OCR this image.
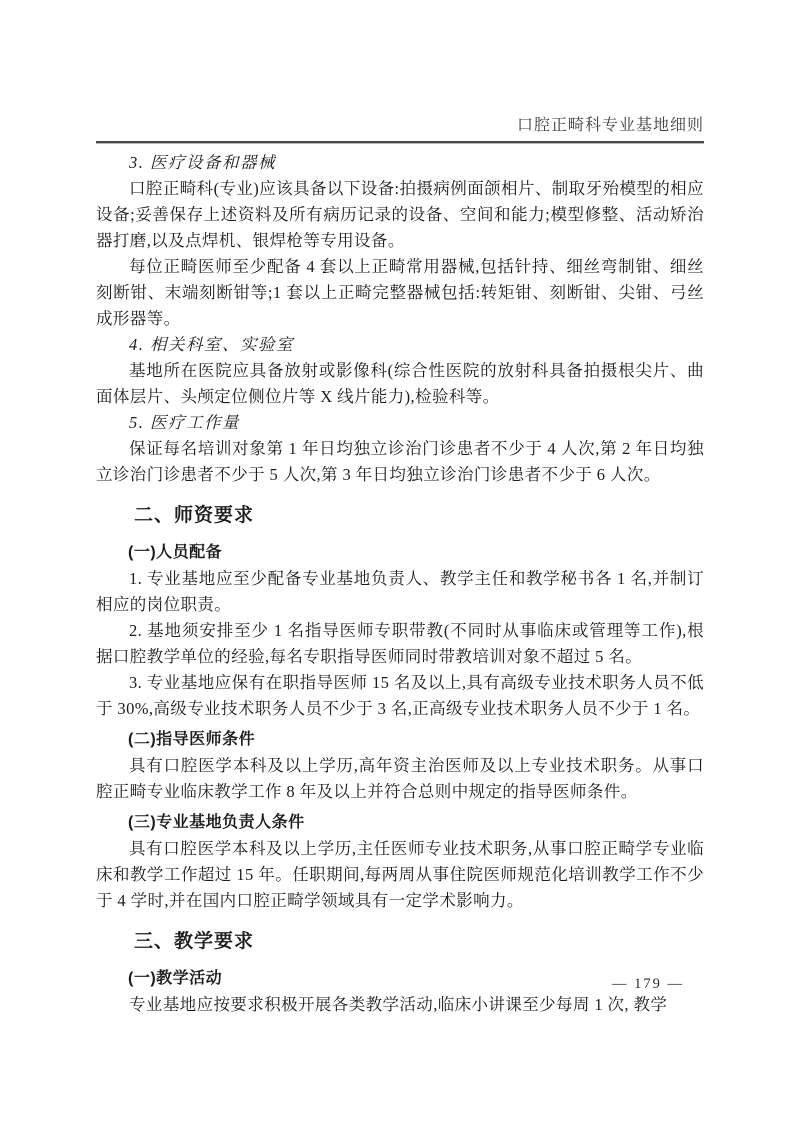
口腔正畸科专业基地细则

3. 医疗设备和器械

口腔正畸科(专业)应该具备以下设备:拍摄病例面颌相片、制取牙殆模型的相应设备;妥善保存上述资料及所有病历记录的设备、空间和能力;模型修整、活动矫治器打磨,以及点焊机、银焊枪等专用设备。

每位正畸医师至少配备 4 套以上正畸常用器械,包括针持、细丝弯制钳、细丝刻断钳、末端刻断钳等;1 套以上正畸完整器械包括:转矩钳、刻断钳、尖钳、弓丝成形器等。

4. 相关科室、实验室

基地所在医院应具备放射或影像科(综合性医院的放射科具备拍摄根尖片、曲面体层片、头颅定位侧位片等 X 线片能力),检验科等。

5. 医疗工作量

保证每名培训对象第 1 年日均独立诊治门诊患者不少于 4 人次,第 2 年日均独立诊治门诊患者不少于 5 人次,第 3 年日均独立诊治门诊患者不少于 6 人次。

二、师资要求

(一)人员配备

1. 专业基地应至少配备专业基地负责人、教学主任和教学秘书各 1 名,并制订相应的岗位职责。

2. 基地须安排至少 1 名指导医师专职带教(不同时从事临床或管理等工作),根据口腔教学单位的经验,每名专职指导医师同时带教培训对象不超过 5 名。

3. 专业基地应保有在职指导医师 15 名及以上,具有高级专业技术职务人员不低于 30%,高级专业技术职务人员不少于 3 名,正高级专业技术职务人员不少于 1 名。

(二)指导医师条件

具有口腔医学本科及以上学历,高年资主治医师及以上专业技术职务。从事口腔正畸专业临床教学工作 8 年及以上并符合总则中规定的指导医师条件。

(三)专业基地负责人条件

具有口腔医学本科及以上学历,主任医师专业技术职务,从事口腔正畸学专业临床和教学工作超过 15 年。任职期间,每两周从事住院医师规范化培训教学工作不少于 4 学时,并在国内口腔正畸学领域具有一定学术影响力。

三、教学要求

(一)教学活动

专业基地应按要求积极开展各类教学活动,临床小讲课至少每周 1 次, 教学

— 179 —
